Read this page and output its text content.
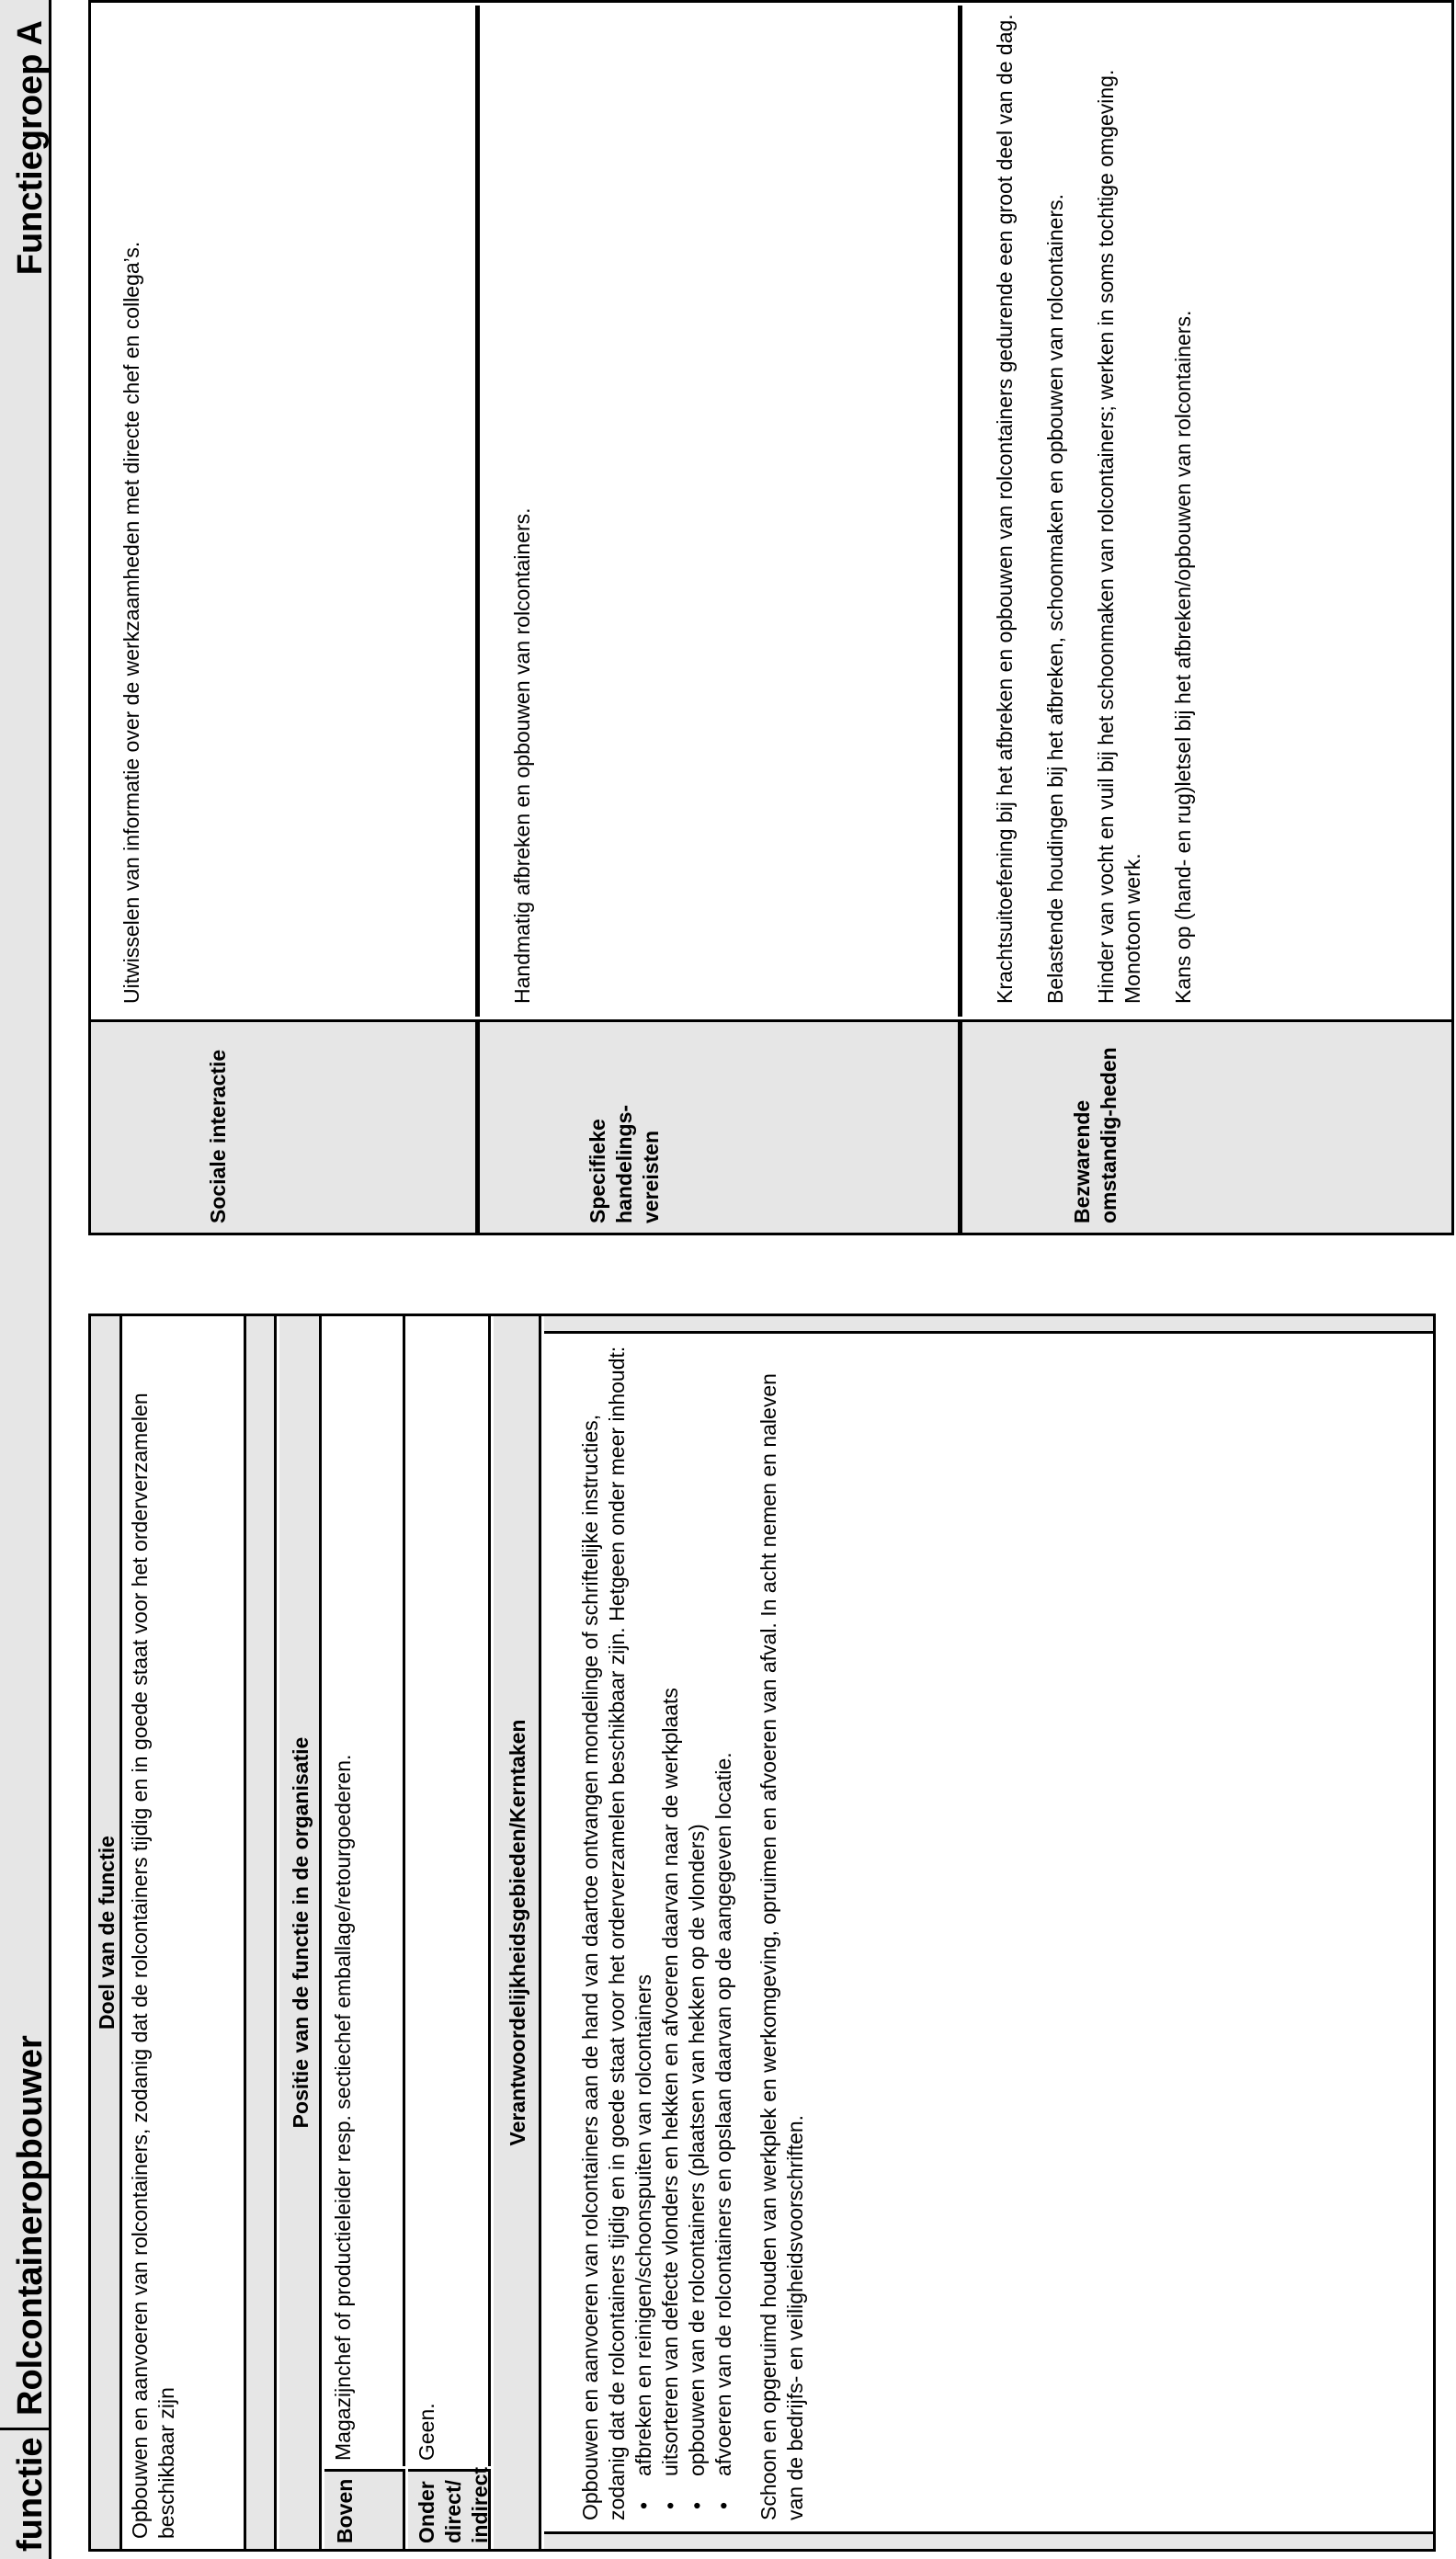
functie
Rolcontaineropbouwer
Functiegroep A
Doel van de functie Opbouwen en aanvoeren van rolcontainers, zodanig dat de rolcontainers tijdig en in goede staat voor het orderverzamelen beschikbaar zijn
Positie van de functie in de organisatie
Boven
Magazijnchef of productieleider resp. sectiechef emballage/retourgoederen.
Onder direct/ indirect
Geen.
Verantwoordelijkheidsgebieden/Kerntaken	Opbouwen en aanvoeren van rolcontainers aan de hand van daartoe ontvangen mondelinge of schriftelijke instructies, zodanig dat de rolcontainers tijdig en in goede staat voor het orderverzamelen beschikbaar zijn. Hetgeen onder meer inhoudt: • afbreken en reinigen/schoonspuiten van rolcontainers • uitsorteren van defecte vlonders en hekken en afvoeren daarvan naar de werkplaats • opbouwen van de rolcontainers (plaatsen van hekken op de vlonders) • afvoeren van de rolcontainers en opslaan daarvan op de aangegeven locatie. Schoon en opgeruimd houden van werkplek en werkomgeving, opruimen en afvoeren van afval. In acht nemen en naleven van de bedrijfs- en veiligheidsvoorschriften.
Sociale interactie
Uitwisselen van informatie over de werkzaamheden met directe chef en collega’s.
Specifieke handelings-vereisten
Handmatig afbreken en opbouwen van rolcontainers.
Bezwarende omstandig-heden

Krachtsuitoefening bij het afbreken en opbouwen van rolcontainers gedurende een groot deel van de dag. Belastende houdingen bij het afbreken, schoonmaken en opbouwen van rolcontainers. Hinder van vocht en vuil bij het schoonmaken van rolcontainers; werken in soms tochtige omgeving. Monotoon werk. Kans op (hand- en rug)letsel bij het afbreken/opbouwen van rolcontainers.
